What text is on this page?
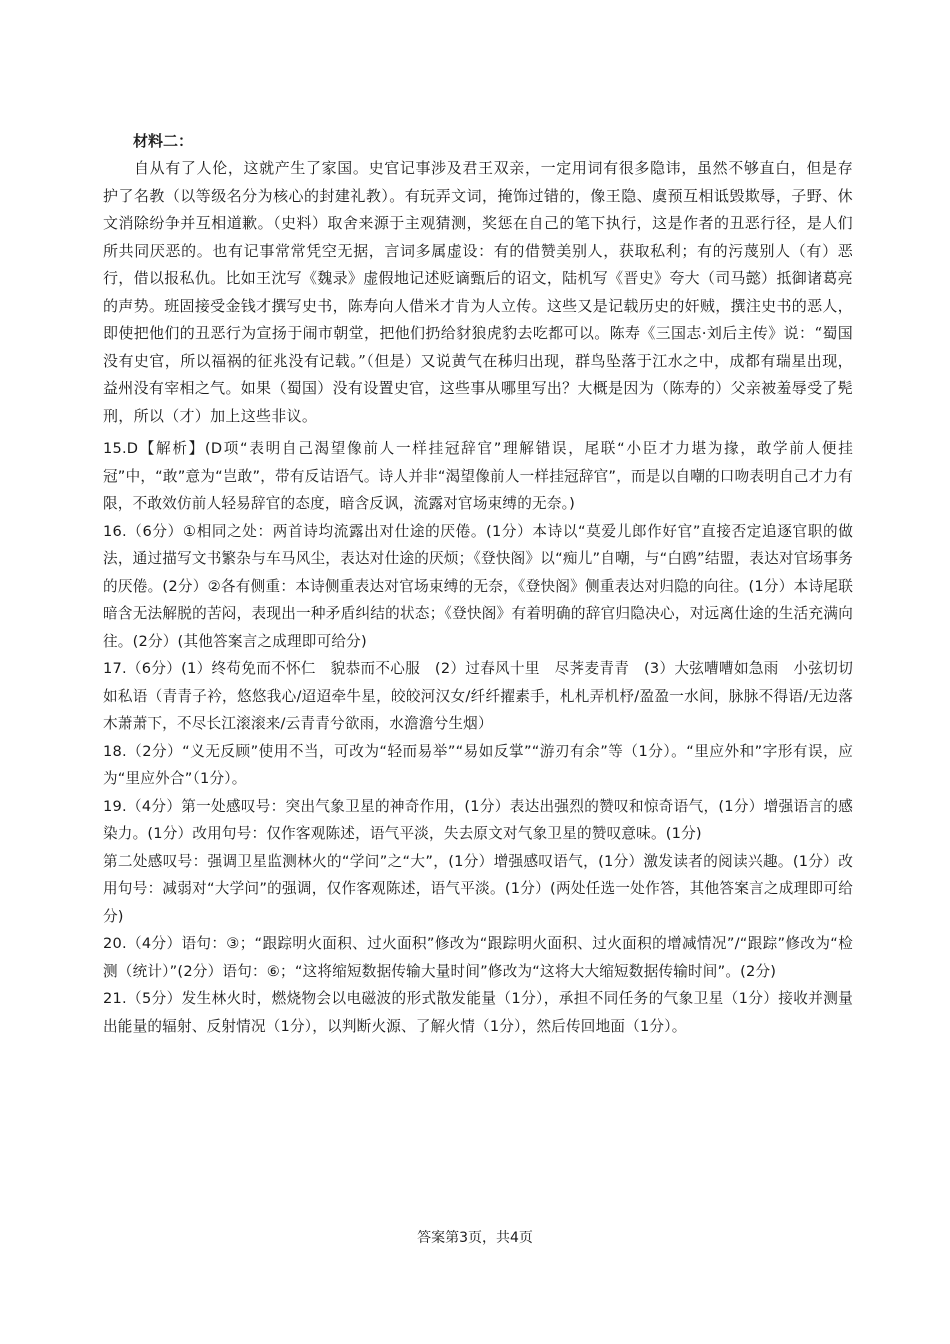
材料二：

自从有了人伦，这就产生了家国。史官记事涉及君王双亲，一定用词有很多隐讳，虽然不够直白，但是存护了名教（以等级名分为核心的封建礼教）。有玩弄文词，掩饰过错的，像王隐、虞预互相诋毁欺辱，子野、休文消除纷争并互相道歉。（史料）取舍来源于主观猜测，奖惩在自己的笔下执行，这是作者的丑恶行径，是人们所共同厌恶的。也有记事常常凭空无据，言词多属虚设：有的借赞美别人，获取私利；有的污蔑别人（有）恶行，借以报私仇。比如王沈写《魏录》虚假地记述贬谪甄后的诏文，陆机写《晋史》夸大（司马懿）抵御诸葛亮的声势。班固接受金钱才撰写史书，陈寿向人借米才肯为人立传。这些又是记载历史的奸贼，撰注史书的恶人，即使把他们的丑恶行为宣扬于闹市朝堂，把他们扔给豺狼虎豹去吃都可以。陈寿《三国志·刘后主传》说：“蜀国没有史官，所以福祸的征兆没有记载。”（但是）又说黄气在秭归出现，群鸟坠落于江水之中，成都有瑞星出现，益州没有宰相之气。如果（蜀国）没有设置史官，这些事从哪里写出？大概是因为（陈寿的）父亲被羞辱受了髡刑，所以（才）加上这些非议。

15.D【解析】(D项“表明自己渴望像前人一样挂冠辞官”理解错误，尾联“小臣才力堪为掾，敢学前人便挂冠”中，“敢”意为“岂敢”，带有反诘语气。诗人并非“渴望像前人一样挂冠辞官”，而是以自嘲的口吻表明自己才力有限，不敢效仿前人轻易辞官的态度，暗含反讽，流露对官场束缚的无奈。)

16.（6分）①相同之处：两首诗均流露出对仕途的厌倦。(1分）本诗以“莫爱儿郎作好官”直接否定追逐官职的做法，通过描写文书繁杂与车马风尘，表达对仕途的厌烦；《登快阁》以“痴儿”自嘲，与“白鸥”结盟，表达对官场事务的厌倦。(2分）②各有侧重：本诗侧重表达对官场束缚的无奈，《登快阁》侧重表达对归隐的向往。(1分）本诗尾联暗含无法解脱的苦闷，表现出一种矛盾纠结的状态；《登快阁》有着明确的辞官归隐决心，对远离仕途的生活充满向往。(2分）(其他答案言之成理即可给分)

17.（6分）(1）终苟免而不怀仁　貌恭而不心服　(2）过春风十里　尽荠麦青青　(3）大弦嘈嘈如急雨　小弦切切如私语（青青子衿，悠悠我心/迢迢牵牛星，皎皎河汉女/纤纤擢素手，札札弄机杼/盈盈一水间，脉脉不得语/无边落木萧萧下，不尽长江滚滚来/云青青兮欲雨，水澹澹兮生烟）

18.（2分）“义无反顾”使用不当，可改为“轻而易举”“易如反掌”“游刃有余”等（1分）。“里应外和”字形有误，应为“里应外合”（1分）。

19.（4分）第一处感叹号：突出气象卫星的神奇作用，(1分）表达出强烈的赞叹和惊奇语气，(1分）增强语言的感染力。(1分）改用句号：仅作客观陈述，语气平淡，失去原文对气象卫星的赞叹意味。(1分)

第二处感叹号：强调卫星监测林火的“学问”之“大”，(1分）增强感叹语气，(1分）激发读者的阅读兴趣。(1分）改用句号：减弱对“大学问”的强调，仅作客观陈述，语气平淡。(1分）(两处任选一处作答，其他答案言之成理即可给分)

20.（4分）语句：③；“跟踪明火面积、过火面积”修改为“跟踪明火面积、过火面积的增减情况”/“跟踪”修改为“检测（统计）”(2分）语句：⑥；“这将缩短数据传输大量时间”修改为“这将大大缩短数据传输时间”。(2分)

21.（5分）发生林火时，燃烧物会以电磁波的形式散发能量（1分），承担不同任务的气象卫星（1分）接收并测量出能量的辐射、反射情况（1分），以判断火源、了解火情（1分），然后传回地面（1分）。

答案第3页，共4页
